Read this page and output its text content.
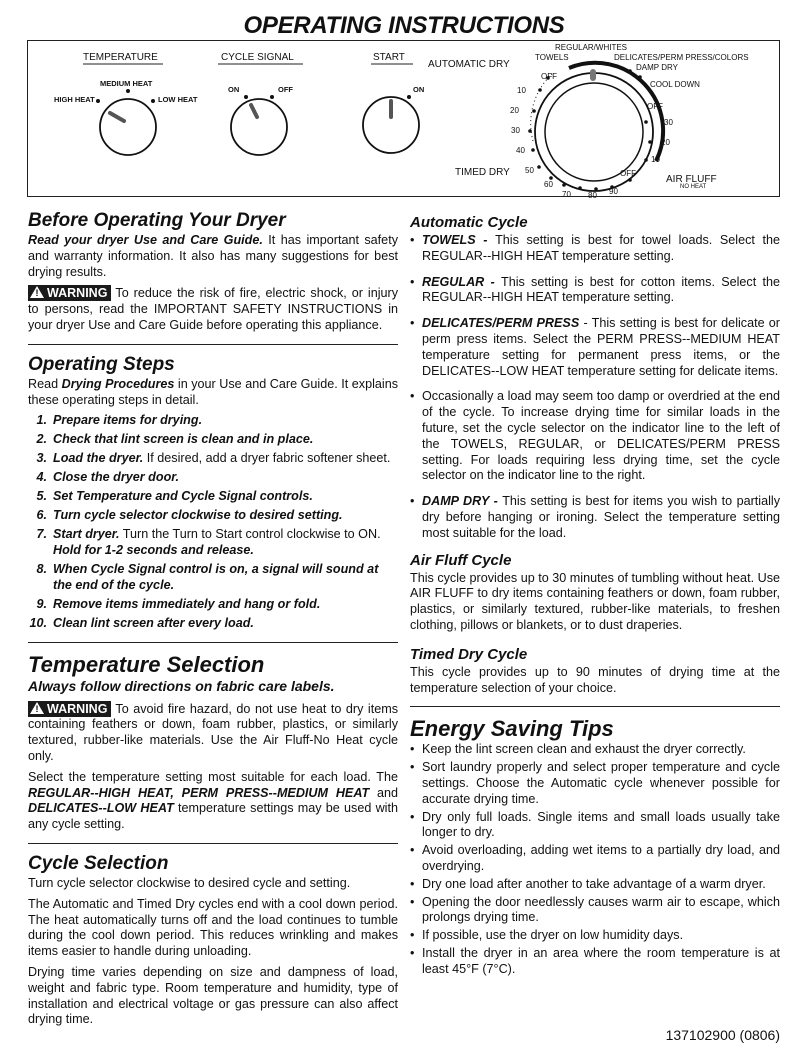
OPERATING INSTRUCTIONS
TEMPERATURE
MEDIUM HEAT
HIGH HEAT	LOW HEAT
CYCLE SIGNAL
ON	OFF
START
ON
AUTOMATIC DRY
REGULAR/WHITES
TOWELS	DELICATES/PERM PRESS/COLORS
DAMP DRY
COOL DOWN
OFF
OFF
OFF
10
20
30
40
50
60
70 80 90
30
20
10
TIMED DRY
AIR FLUFF
NO HEAT
Before Operating Your Dryer

Read your dryer Use and Care Guide. It has important safety and warranty information. It also has many suggestions for best drying results.

! WARNING To reduce the risk of fire, electric shock, or injury to persons, read the IMPORTANT SAFETY INSTRUCTIONS in your dryer Use and Care Guide before operating this appliance.

Operating Steps

Read Drying Procedures in your Use and Care Guide. It explains these operating steps in detail.

1. Prepare items for drying.
2. Check that lint screen is clean and in place.
3. Load the dryer. If desired, add a dryer fabric softener sheet.
4. Close the dryer door.
5. Set Temperature and Cycle Signal controls.
6. Turn cycle selector clockwise to desired setting.
7. Start dryer. Turn the Turn to Start control clockwise to ON.
Hold for 1-2 seconds and release.
8. When Cycle Signal control is on, a signal will sound at the end of the cycle.
9. Remove items immediately and hang or fold.
10. Clean lint screen after every load.
Temperature Selection
Always follow directions on fabric care labels.

! WARNING To avoid fire hazard, do not use heat to dry items containing feathers or down, foam rubber, plastics, or similarly textured, rubber-like materials. Use the Air Fluff-No Heat cycle only.

Select the temperature setting most suitable for each load. The REGULAR--HIGH HEAT, PERM PRESS--MEDIUM HEAT and DELICATES--LOW HEAT temperature settings may be used with any cycle setting.

Cycle Selection

Turn cycle selector clockwise to desired cycle and setting.

The Automatic and Timed Dry cycles end with a cool down period. The heat automatically turns off and the load continues to tumble during the cool down period. This reduces wrinkling and makes items easier to handle during unloading.

Drying time varies depending on size and dampness of load, weight and fabric type. Room temperature and humidity, type of installation and electrical voltage or gas pressure can also affect drying time.

Automatic Cycle
• TOWELS - This setting is best for towel loads. Select the REGULAR--HIGH HEAT temperature setting.
• REGULAR - This setting is best for cotton items. Select the REGULAR--HIGH HEAT temperature setting.
• DELICATES/PERM PRESS - This setting is best for delicate or perm press items. Select the PERM PRESS--MEDIUM HEAT temperature setting for permanent press items, or the DELICATES--LOW HEAT temperature setting for delicate items.
• Occasionally a load may seem too damp or overdried at the end of the cycle. To increase drying time for similar loads in the future, set the cycle selector on the indicator line to the left of the TOWELS, REGULAR, or DELICATES/PERM PRESS setting. For loads requiring less drying time, set the cycle selector on the indicator line to the right.
• DAMP DRY - This setting is best for items you wish to partially dry before hanging or ironing. Select the temperature setting most suitable for the load.
Air Fluff Cycle

This cycle provides up to 30 minutes of tumbling without heat. Use AIR FLUFF to dry items containing feathers or down, foam rubber, plastics, or similarly textured, rubber-like materials, to freshen clothing, pillows or blankets, or to dust draperies.

Timed Dry Cycle

This cycle provides up to 90 minutes of drying time at the temperature selection of your choice.

Energy Saving Tips
• Keep the lint screen clean and exhaust the dryer correctly.
• Sort laundry properly and select proper temperature and cycle settings. Choose the Automatic cycle whenever possible for accurate drying time.
• Dry only full loads. Single items and small loads usually take longer to dry.
• Avoid overloading, adding wet items to a partially dry load, and overdrying.
• Dry one load after another to take advantage of a warm dryer.
• Opening the door needlessly causes warm air to escape, which prolongs drying time.
• If possible, use the dryer on low humidity days.
• Install the dryer in an area where the room temperature is at least 45°F (7°C).
137102900 (0806)
